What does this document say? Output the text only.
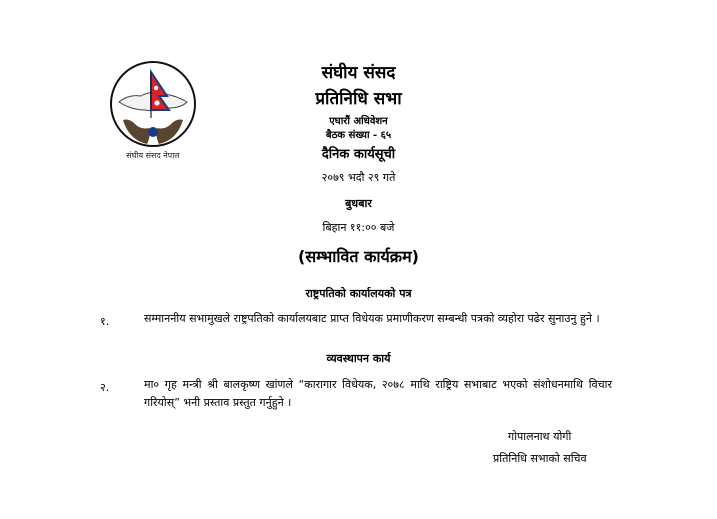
संघीय संसद नेपाल
संघीय संसद
प्रतिनिधि सभा
एघारौं अधिवेशन
बैठक संख्या - ६५
दैनिक कार्यसूची
२०७९ भदौ २९ गते
बुधबार
बिहान ११:०० बजे
(सम्भावित कार्यक्रम)
राष्ट्रपतिको कार्यालयको पत्र
१.	सम्माननीय सभामुखले राष्ट्रपतिको कार्यालयबाट प्राप्त विधेयक प्रमाणीकरण सम्बन्धी पत्रको व्यहोरा पढेर सुनाउनु हुने ।
व्यवस्थापन कार्य
२.	मा० गृह मन्त्री श्री बालकृष्ण खांणले “कारागार विधेयक, २०७८ माथि राष्ट्रिय सभाबाट भएको संशोधनमाथि विचार गरियोस्” भनी प्रस्ताव प्रस्तुत गर्नुहुने ।
गोपालनाथ योगी
प्रतिनिधि सभाको सचिव
